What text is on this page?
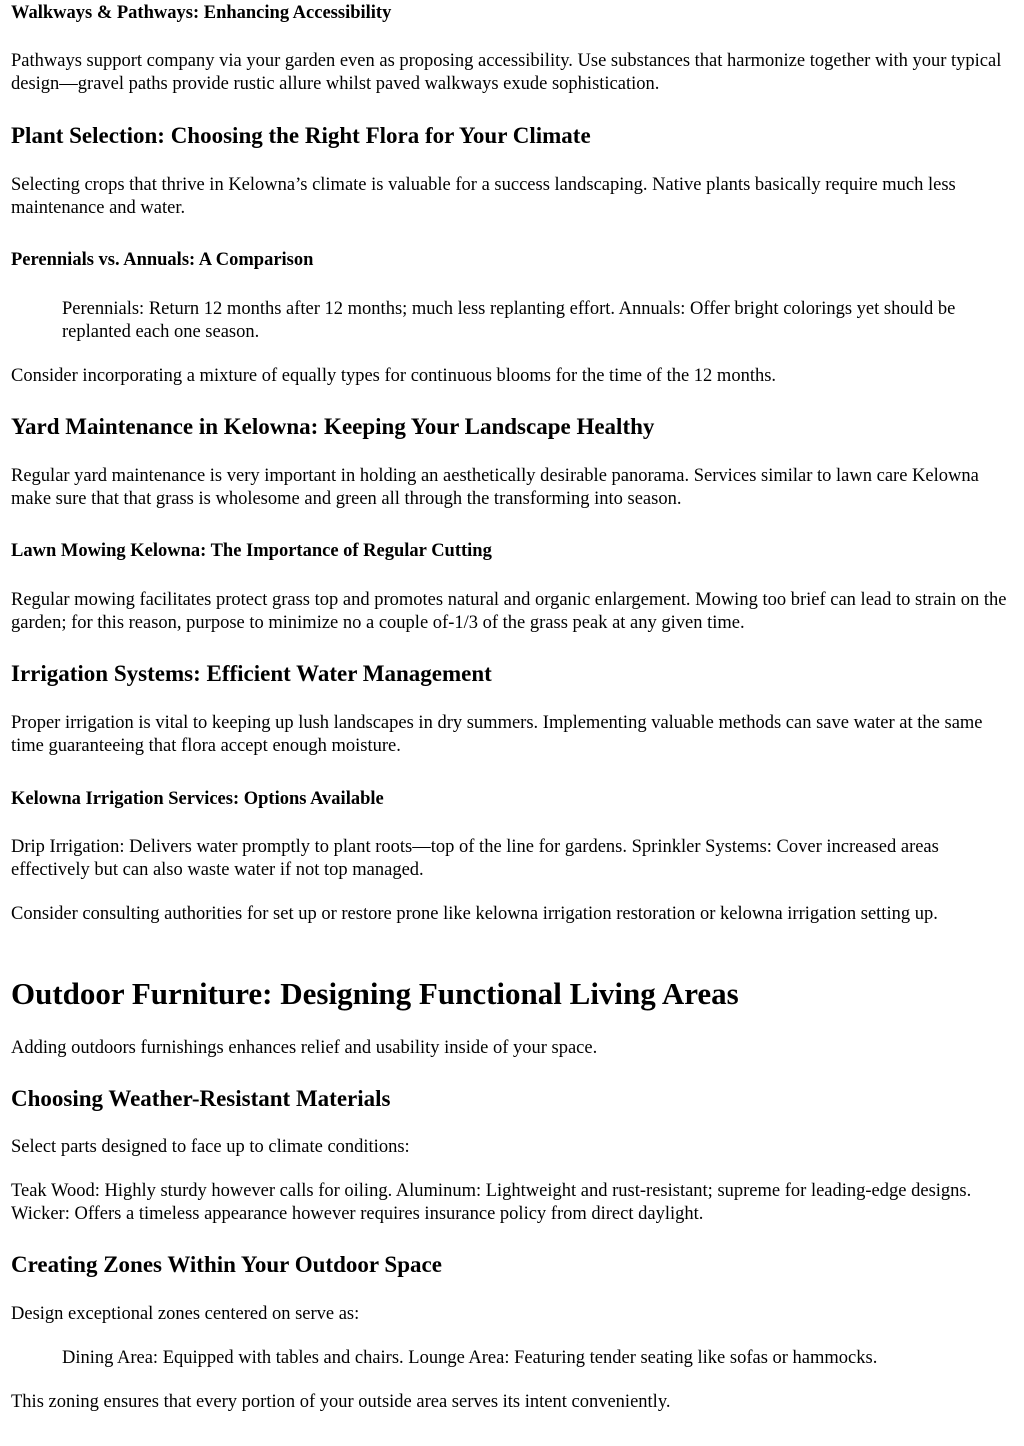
Walkways & Pathways: Enhancing Accessibility

Pathways support company via your garden even as proposing accessibility. Use substances that harmonize together with your typical design—gravel paths provide rustic allure whilst paved walkways exude sophistication.

Plant Selection: Choosing the Right Flora for Your Climate

Selecting crops that thrive in Kelowna’s climate is valuable for a success landscaping. Native plants basically require much less maintenance and water.

Perennials vs. Annuals: A Comparison
Perennials: Return 12 months after 12 months; much less replanting effort. Annuals: Offer bright colorings yet should be replanted each one season.

Consider incorporating a mixture of equally types for continuous blooms for the time of the 12 months.

Yard Maintenance in Kelowna: Keeping Your Landscape Healthy

Regular yard maintenance is very important in holding an aesthetically desirable panorama. Services similar to lawn care Kelowna make sure that that grass is wholesome and green all through the transforming into season.

Lawn Mowing Kelowna: The Importance of Regular Cutting

Regular mowing facilitates protect grass top and promotes natural and organic enlargement. Mowing too brief can lead to strain on the garden; for this reason, purpose to minimize no a couple of-1/3 of the grass peak at any given time.

Irrigation Systems: Efficient Water Management

Proper irrigation is vital to keeping up lush landscapes in dry summers. Implementing valuable methods can save water at the same time guaranteeing that flora accept enough moisture.

Kelowna Irrigation Services: Options Available

Drip Irrigation: Delivers water promptly to plant roots—top of the line for gardens. Sprinkler Systems: Cover increased areas effectively but can also waste water if not top managed.

Consider consulting authorities for set up or restore prone like kelowna irrigation restoration or kelowna irrigation setting up.

Outdoor Furniture: Designing Functional Living Areas

Adding outdoors furnishings enhances relief and usability inside of your space.

Choosing Weather-Resistant Materials

Select parts designed to face up to climate conditions:

Teak Wood: Highly sturdy however calls for oiling. Aluminum: Lightweight and rust-resistant; supreme for leading-edge designs. Wicker: Offers a timeless appearance however requires insurance policy from direct daylight.

Creating Zones Within Your Outdoor Space

Design exceptional zones centered on serve as:

Dining Area: Equipped with tables and chairs. Lounge Area: Featuring tender seating like sofas or hammocks.

This zoning ensures that every portion of your outside area serves its intent conveniently.
